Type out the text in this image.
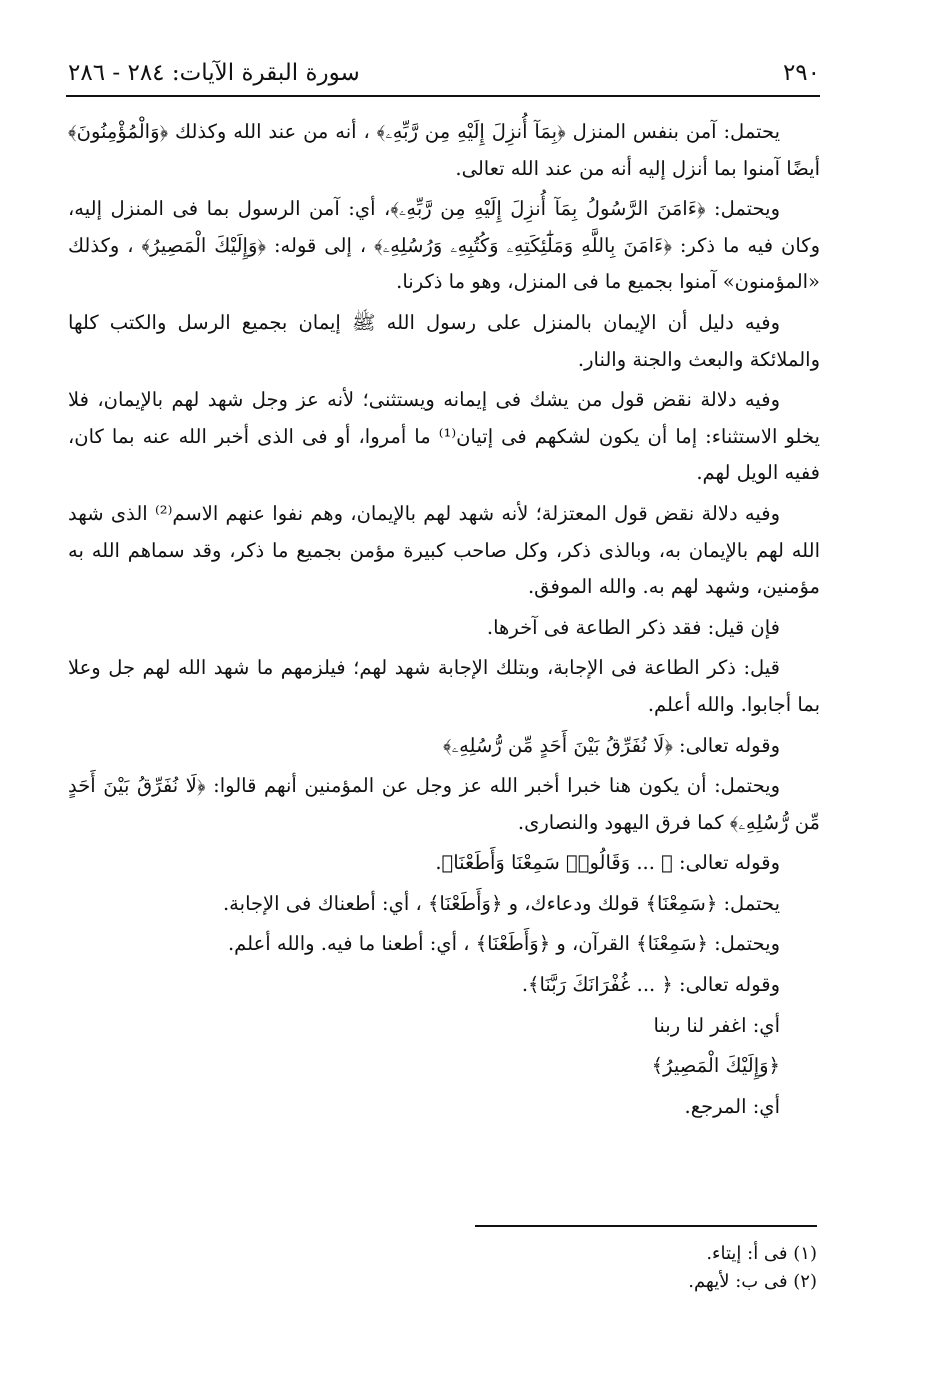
٢٩٠
سورة البقرة الآيات: ٢٨٤ - ٢٨٦

يحتمل: آمن بنفس المنزل ﴿بِمَآ أُنزِلَ إِلَيْهِ مِن رَّبِّهِۦ﴾ ، أنه من عند الله وكذلك ﴿وَالْمُؤْمِنُونَ﴾ أيضًا آمنوا بما أنزل إليه أنه من عند الله تعالى.

ويحتمل: ﴿ءَامَنَ الرَّسُولُ بِمَآ أُنزِلَ إِلَيْهِ مِن رَّبِّهِۦ﴾، أي: آمن الرسول بما فى المنزل إليه، وكان فيه ما ذكر: ﴿ءَامَنَ بِاللَّهِ وَمَلَٰٓئِكَتِهِۦ وَكُتُبِهِۦ وَرُسُلِهِۦ﴾ ، إلى قوله: ﴿وَإِلَيْكَ الْمَصِيرُ﴾ ، وكذلك «المؤمنون» آمنوا بجميع ما فى المنزل، وهو ما ذكرنا.

وفيه دليل أن الإيمان بالمنزل على رسول الله ﷺ إيمان بجميع الرسل والكتب كلها والملائكة والبعث والجنة والنار.

وفيه دلالة نقض قول من يشك فى إيمانه ويستثنى؛ لأنه عز وجل شهد لهم بالإيمان، فلا يخلو الاستثناء: إما أن يكون لشكهم فى إتيان⁽¹⁾ ما أمروا، أو فى الذى أخبر الله عنه بما كان، ففيه الويل لهم.

وفيه دلالة نقض قول المعتزلة؛ لأنه شهد لهم بالإيمان، وهم نفوا عنهم الاسم⁽²⁾ الذى شهد الله لهم بالإيمان به، وبالذى ذكر، وكل صاحب كبيرة مؤمن بجميع ما ذكر، وقد سماهم الله به مؤمنين، وشهد لهم به. والله الموفق.

فإن قيل: فقد ذكر الطاعة فى آخرها.

قيل: ذكر الطاعة فى الإجابة، وبتلك الإجابة شهد لهم؛ فيلزمهم ما شهد الله لهم جل وعلا بما أجابوا. والله أعلم.

وقوله تعالى: ﴿لَا نُفَرِّقُ بَيْنَ أَحَدٍ مِّن رُّسُلِهِۦ﴾

ويحتمل: أن يكون هنا خبرا أخبر الله عز وجل عن المؤمنين أنهم قالوا: ﴿لَا نُفَرِّقُ بَيْنَ أَحَدٍ مِّن رُّسُلِهِۦ﴾ كما فرق اليهود والنصارى.

وقوله تعالى: ﴿ ... وَقَالُوا۟ سَمِعْنَا وَأَطَعْنَا﴾.

يحتمل: ﴿سَمِعْنَا﴾ قولك ودعاءك، و ﴿وَأَطَعْنَا﴾ ، أي: أطعناك فى الإجابة.

ويحتمل: ﴿سَمِعْنَا﴾ القرآن، و ﴿وَأَطَعْنَا﴾ ، أي: أطعنا ما فيه. والله أعلم.

وقوله تعالى: ﴿ ... غُفْرَانَكَ رَبَّنَا﴾.

أي: اغفر لنا ربنا

﴿وَإِلَيْكَ الْمَصِيرُ﴾

أي: المرجع.

(١) فى أ: إيتاء.
(٢) فى ب: لأيهم.
